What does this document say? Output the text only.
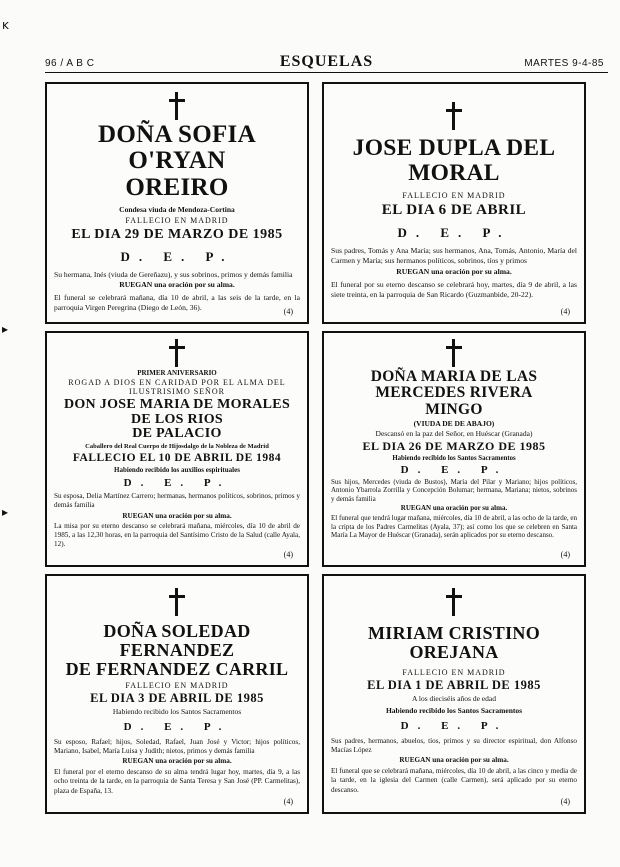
ĸ
▸
▸
96 / A B C	ESQUELAS	MARTES 9-4-85

DOÑA SOFIA O'RYAN
OREIRO

Condesa viuda de Mendoza-Cortina

FALLECIO EN MADRID

EL DIA 29 DE MARZO DE 1985

D. E. P.

Su hermana, Inés (viuda de Gereñazu), y sus sobrinos, primos y demás familia

RUEGAN una oración por su alma.

El funeral se celebrará mañana, día 10 de abril, a las seis de la tarde, en la parroquia Virgen Peregrina (Diego de León, 36).	(4)

JOSE DUPLA DEL MORAL

FALLECIO EN MADRID

EL DIA 6 DE ABRIL

D. E. P.

Sus padres, Tomás y Ana María; sus hermanos, Ana, Tomás, Antonio, María del Carmen y María; sus hermanos políticos, sobrinos, tíos y primos

RUEGAN una oración por su alma.

El funeral por su eterno descanso se celebrará hoy, martes, día 9 de abril, a las siete treinta, en la parroquia de San Ricardo (Guzmanbide, 20-22).

(4)

PRIMER ANIVERSARIO

ROGAD A DIOS EN CARIDAD POR EL ALMA DEL

ILUSTRISIMO SEÑOR

DON JOSE MARIA DE MORALES DE LOS RIOS
DE PALACIO

Caballero del Real Cuerpo de Hijosdalgo de la Nobleza de Madrid

FALLECIO EL 10 DE ABRIL DE 1984

Habiendo recibido los auxilios espirituales

D. E. P.

Su esposa, Delia Martínez Carrero; hermanas, hermanos políticos, sobrinos, primos y demás familia

RUEGAN una oración por su alma.

La misa por su eterno descanso se celebrará mañana, miércoles, día 10 de abril de 1985, a las 12,30 horas, en la parroquia del Santísimo Cristo de la Salud (calle Ayala, 12).

(4)

DOÑA MARIA DE LAS MERCEDES RIVERA
MINGO

(VIUDA DE DE ABAJO)

Descansó en la paz del Señor, en Huéscar (Granada)

EL DIA 26 DE MARZO DE 1985

Habiendo recibido los Santos Sacramentos

D. E. P.

Sus hijos, Mercedes (viuda de Bustos), María del Pilar y Mariano; hijos políticos, Antonio Ybarrola Zorrilla y Concepción Bolumar; hermana, Mariana; nietos, sobrinos y demás familia

RUEGAN una oración por su alma.

El funeral que tendrá lugar mañana, miércoles, día 10 de abril, a las ocho de la tarde, en la cripta de los Padres Carmelitas (Ayala, 37); así como los que se celebren en Santa María La Mayor de Huéscar (Granada), serán aplicados por su eterno descanso.

(4)

DOÑA SOLEDAD FERNANDEZ
DE FERNANDEZ CARRIL

FALLECIO EN MADRID

EL DIA 3 DE ABRIL DE 1985

Habiendo recibido los Santos Sacramentos

D. E. P.

Su esposo, Rafael; hijos, Soledad, Rafael, Juan José y Victor; hijos políticos, Mariano, Isabel, María Luisa y Judith; nietos, primos y demás familia

RUEGAN una oración por su alma.

El funeral por el eterno descanso de su alma tendrá lugar hoy, martes, día 9, a las ocho treinta de la tarde, en la parroquia de Santa Teresa y San José (PP. Carmelitas), plaza de España, 13.

(4)

MIRIAM CRISTINO OREJANA

FALLECIO EN MADRID

EL DIA 1 DE ABRIL DE 1985

A los dieciséis años de edad

Habiendo recibido los Santos Sacramentos

D. E. P.

Sus padres, hermanos, abuelos, tíos, primos y su director espiritual, don Alfonso Macías López

RUEGAN una oración por su alma.

El funeral que se celebrará mañana, miércoles, día 10 de abril, a las cinco y media de la tarde, en la iglesia del Carmen (calle Carmen), será aplicado por su eterno descanso.

(4)
